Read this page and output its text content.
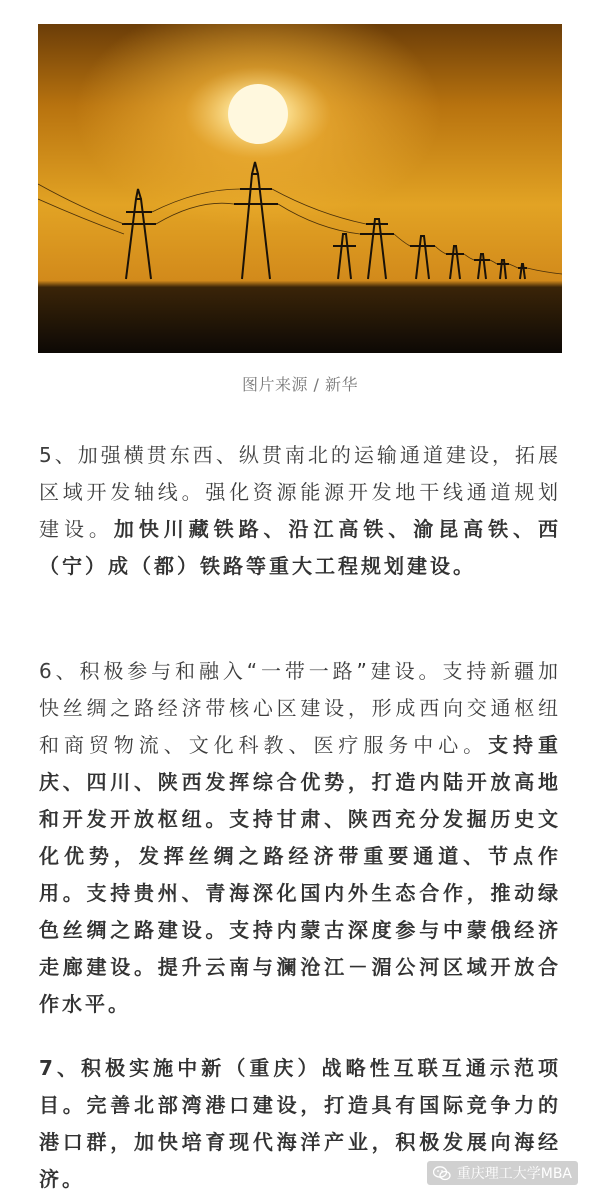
图片来源 / 新华

5、加强横贯东西、纵贯南北的运输通道建设，拓展区域开发轴线。强化资源能源开发地干线通道规划建设。加快川藏铁路、沿江高铁、渝昆高铁、西（宁）成（都）铁路等重大工程规划建设。

6、积极参与和融入“一带一路”建设。支持新疆加快丝绸之路经济带核心区建设，形成西向交通枢纽和商贸物流、文化科教、医疗服务中心。支持重庆、四川、陕西发挥综合优势，打造内陆开放高地和开发开放枢纽。支持甘肃、陕西充分发掘历史文化优势，发挥丝绸之路经济带重要通道、节点作用。支持贵州、青海深化国内外生态合作，推动绿色丝绸之路建设。支持内蒙古深度参与中蒙俄经济走廊建设。提升云南与澜沧江－湄公河区域开放合作水平。

7、积极实施中新（重庆）战略性互联互通示范项目。完善北部湾港口建设，打造具有国际竞争力的港口群，加快培育现代海洋产业，积极发展向海经济。	重庆理工大学MBA
